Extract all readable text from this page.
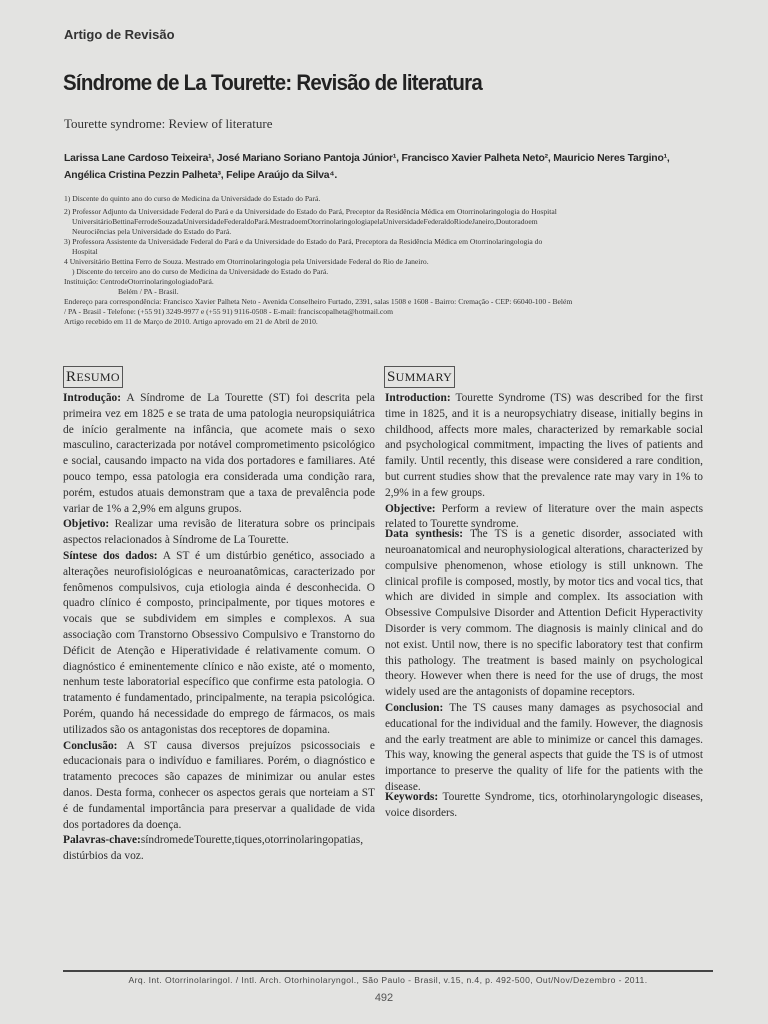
Artigo de Revisão
Síndrome de La Tourette: Revisão de literatura
Tourette syndrome: Review of literature
Larissa Lane Cardoso Teixeira¹, José Mariano Soriano Pantoja Júnior¹, Francisco Xavier Palheta Neto², Mauricio Neres Targino¹,
Angélica Cristina Pezzin Palheta³, Felipe Araújo da Silva⁴.
1) Discente do quinto ano do curso de Medicina da Universidade do Estado do Pará.
2) Professor Adjunto da Universidade Federal do Pará e da Universidade do Estado do Pará, Preceptor da Residência Médica em Otorrinolaringologia do Hospital
UniversitárioBettinaFerrodeSouzadaUniversidadeFederaldoPará.MestradoemOtorrinolaringologiapelaUniversidadeFederaldoRiodeJaneiro,Doutoradoem
Neurociências pela Universidade do Estado do Pará.
3) Professora Assistente da Universidade Federal do Pará e da Universidade do Estado do Pará, Preceptora da Residência Médica em Otorrinolaringologia do
Hospital
4 Universitário Bettina Ferro de Souza. Mestrado em Otorrinolaringologia pela Universidade Federal do Rio de Janeiro.
) Discente do terceiro ano do curso de Medicina da Universidade do Estado do Pará.
Instituição: CentrodeOtorrinolaringologiadoPará.
Belém / PA - Brasil.
Endereço para correspondência: Francisco Xavier Palheta Neto - Avenida Conselheiro Furtado, 2391, salas 1508 e 1608 - Bairro: Cremação - CEP: 66040-100 - Belém
/ PA - Brasil - Telefone: (+55 91) 3249-9977 e (+55 91) 9116-0508 - E-mail: franciscopalheta@hotmail.com
Artigo recebido em 11 de Março de 2010. Artigo aprovado em 21 de Abril de 2010.
RESUMO	SUMMARY

Introdução: A Síndrome de La Tourette (ST) foi descrita pela primeira vez em 1825 e se trata de uma patologia neuropsiquiátrica de início geralmente na infância, que acomete mais o sexo masculino, caracterizada por notável comprometimento psicológico e social, causando impacto na vida dos portadores e familiares. Até pouco tempo, essa patologia era considerada uma condição rara, porém, estudos atuais demonstram que a taxa de prevalência pode variar de 1% a 2,9% em alguns grupos.

Objetivo: Realizar uma revisão de literatura sobre os principais aspectos relacionados à Síndrome de La Tourette.

Síntese dos dados: A ST é um distúrbio genético, associado a alterações neurofisiológicas e neuroanatômicas, caracterizado por fenômenos compulsivos, cuja etiologia ainda é desconhecida. O quadro clínico é composto, principalmente, por tiques motores e vocais que se subdividem em simples e complexos. A sua associação com Transtorno Obsessivo Compulsivo e Transtorno do Déficit de Atenção e Hiperatividade é relativamente comum. O diagnóstico é eminentemente clínico e não existe, até o momento, nenhum teste laboratorial específico que confirme esta patologia. O tratamento é fundamentado, principalmente, na terapia psicológica. Porém, quando há necessidade do emprego de fármacos, os mais utilizados são os antagonistas dos receptores de dopamina.

Conclusão: A ST causa diversos prejuízos psicossociais e educacionais para o indivíduo e familiares. Porém, o diagnóstico e tratamento precoces são capazes de minimizar ou anular estes danos. Desta forma, conhecer os aspectos gerais que norteiam a ST é de fundamental importância para preservar a qualidade de vida dos portadores da doença.

Palavras-chave:síndromedeTourette,tiques,otorrinolaringopatias, distúrbios da voz.

Introduction: Tourette Syndrome (TS) was described for the first time in 1825, and it is a neuropsychiatry disease, initially begins in childhood, affects more males, characterized by remarkable social and psychological commitment, impacting the lives of patients and family. Until recently, this disease were considered a rare condition, but current studies show that the prevalence rate may vary in 1% to 2,9% in a few groups.

Objective: Perform a review of literature over the main aspects related to Tourette syndrome.

Data synthesis: The TS is a genetic disorder, associated with neuroanatomical and neurophysiological alterations, characterized by compulsive phenomenon, whose etiology is still unknown. The clinical profile is composed, mostly, by motor tics and vocal tics, that which are divided in simple and complex. Its association with Obsessive Compulsive Disorder and Attention Deficit Hyperactivity Disorder is very commom. The diagnosis is mainly clinical and do not exist. Until now, there is no specific laboratory test that confirm this pathology. The treatment is based mainly on psychological theory. However when there is need for the use of drugs, the most widely used are the antagonists of dopamine receptors.

Conclusion: The TS causes many damages as psychosocial and educational for the individual and the family. However, the diagnosis and the early treatment are able to minimize or cancel this damages. This way, knowing the general aspects that guide the TS is of utmost importance to preserve the quality of life for the patients with the disease.

Keywords: Tourette Syndrome, tics, otorhinolaryngologic diseases, voice disorders.

Arq. Int. Otorrinolaringol. / Intl. Arch. Otorhinolaryngol., São Paulo - Brasil, v.15, n.4, p. 492-500, Out/Nov/Dezembro - 2011.
492
